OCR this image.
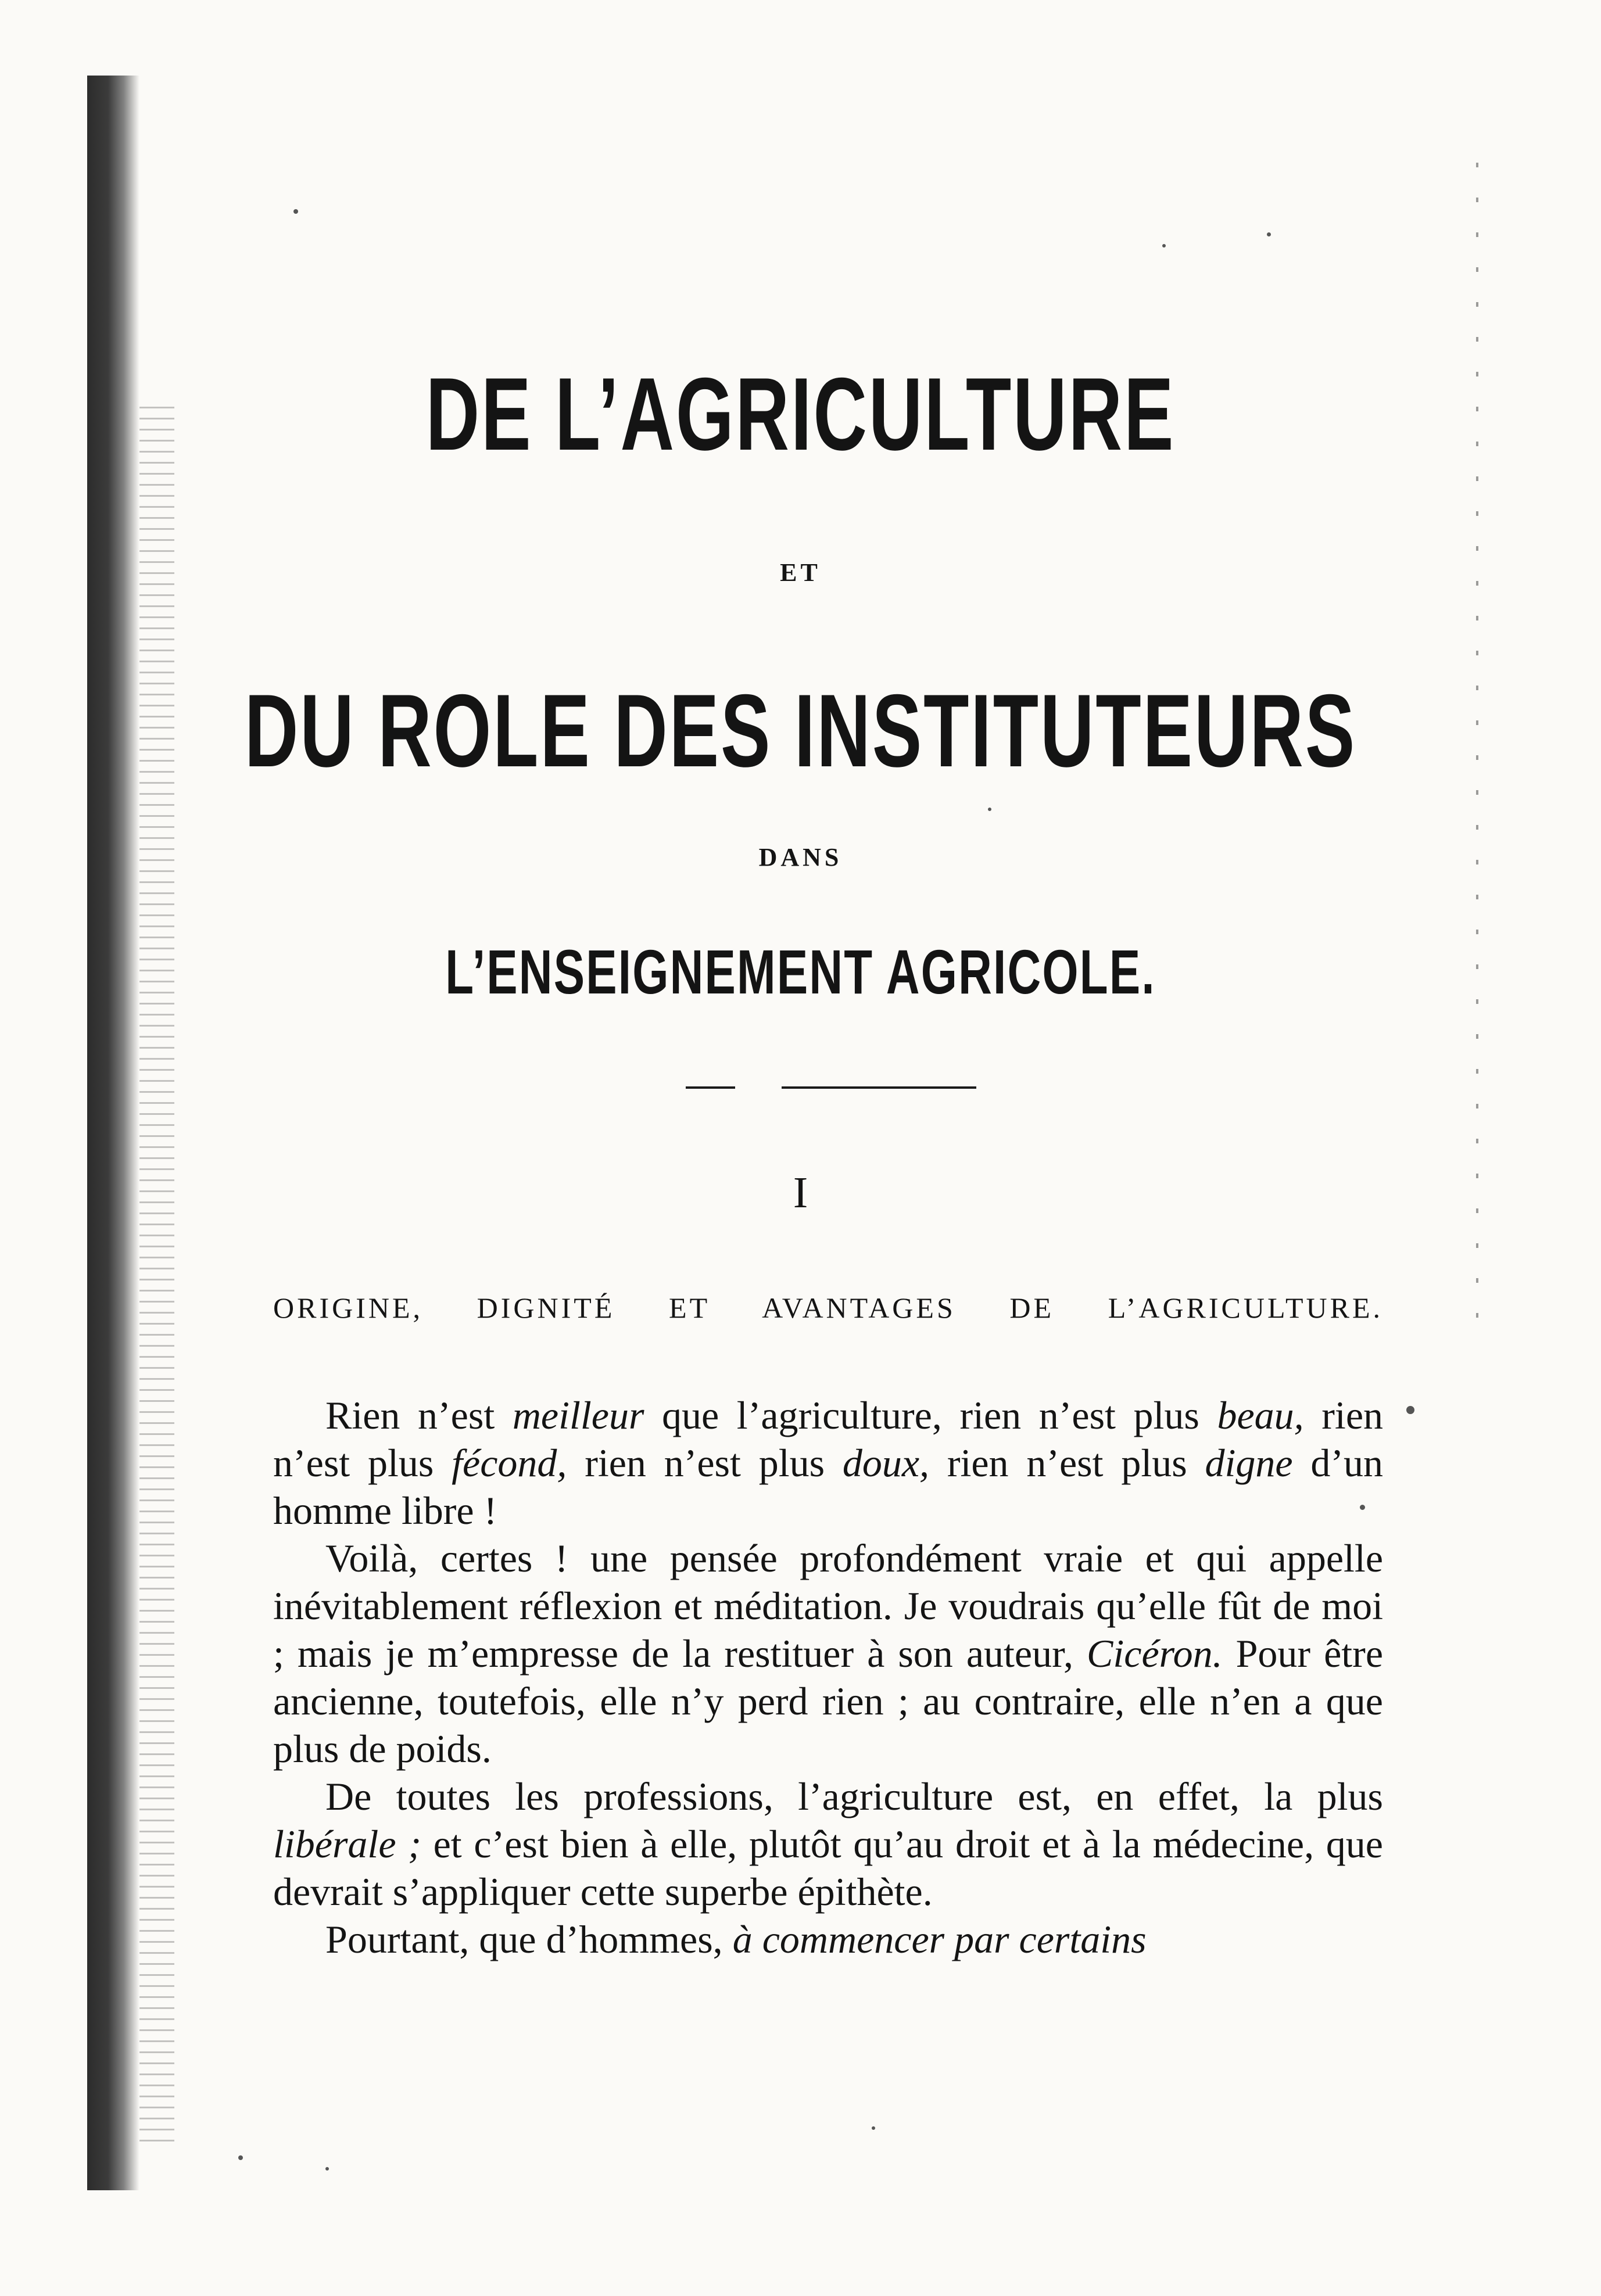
DE L’AGRICULTURE
ET
DU ROLE DES INSTITUTEURS
DANS
L’ENSEIGNEMENT AGRICOLE.
I
ORIGINE, DIGNITÉ ET AVANTAGES DE L’AGRICULTURE.

Rien n’est meilleur que l’agriculture, rien n’est plus beau, rien n’est plus fécond, rien n’est plus doux, rien n’est plus digne d’un homme libre !

Voilà, certes ! une pensée profondément vraie et qui appelle inévitablement réflexion et méditation. Je voudrais qu’elle fût de moi ; mais je m’empresse de la restituer à son auteur, Cicéron. Pour être ancienne, toutefois, elle n’y perd rien ; au contraire, elle n’en a que plus de poids.

De toutes les professions, l’agriculture est, en effet, la plus libérale ; et c’est bien à elle, plutôt qu’au droit et à la médecine, que devrait s’appliquer cette superbe épithète.

Pourtant, que d’hommes, à commencer par certains
